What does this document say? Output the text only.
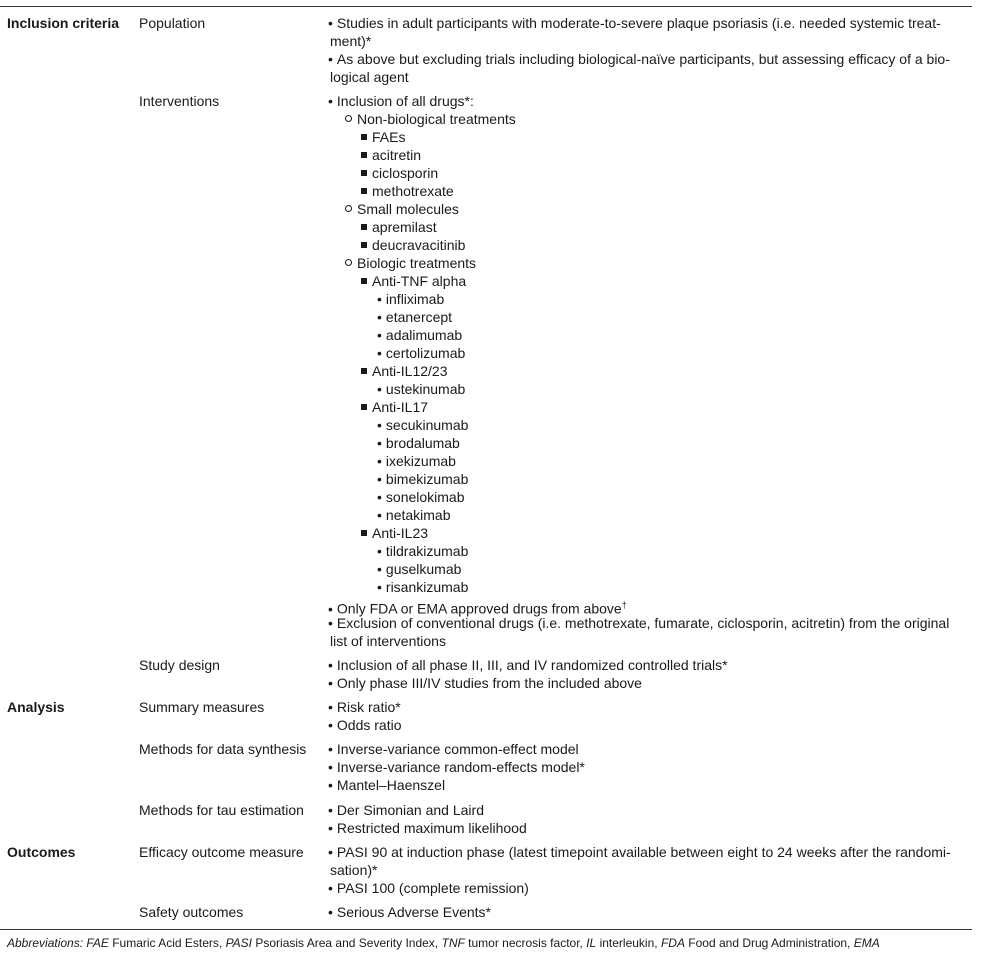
Inclusion criteria
Analysis
Outcomes
Population
Interventions
Study design
Summary measures
Methods for data synthesis
Methods for tau estimation
Efficacy outcome measure
Safety outcomes
• Studies in adult participants with moderate-to-severe plaque psoriasis (i.e. needed systemic treat-
ment)*
• As above but excluding trials including biological-naïve participants, but assessing efficacy of a bio-
logical agent
• Inclusion of all drugs*:
Non-biological treatments
FAEs
acitretin
ciclosporin
methotrexate
Small molecules
apremilast
deucravacitinib
Biologic treatments
Anti-TNF alpha
• infliximab
• etanercept
• adalimumab
• certolizumab
Anti-IL12/23
• ustekinumab
Anti-IL17
• secukinumab
• brodalumab
• ixekizumab
• bimekizumab
• sonelokimab
• netakimab
Anti-IL23
• tildrakizumab
• guselkumab
• risankizumab
• Only FDA or EMA approved drugs from above†
• Exclusion of conventional drugs (i.e. methotrexate, fumarate, ciclosporin, acitretin) from the original
list of interventions
• Inclusion of all phase II, III, and IV randomized controlled trials*
• Only phase III/IV studies from the included above
• Risk ratio*
• Odds ratio
• Inverse-variance common-effect model
• Inverse-variance random-effects model*
• Mantel–Haenszel
• Der Simonian and Laird
• Restricted maximum likelihood
• PASI 90 at induction phase (latest timepoint available between eight to 24 weeks after the randomi-
sation)*
• PASI 100 (complete remission)
• Serious Adverse Events*
Abbreviations: FAE Fumaric Acid Esters, PASI Psoriasis Area and Severity Index, TNF tumor necrosis factor, IL interleukin, FDA Food and Drug Administration, EMA
